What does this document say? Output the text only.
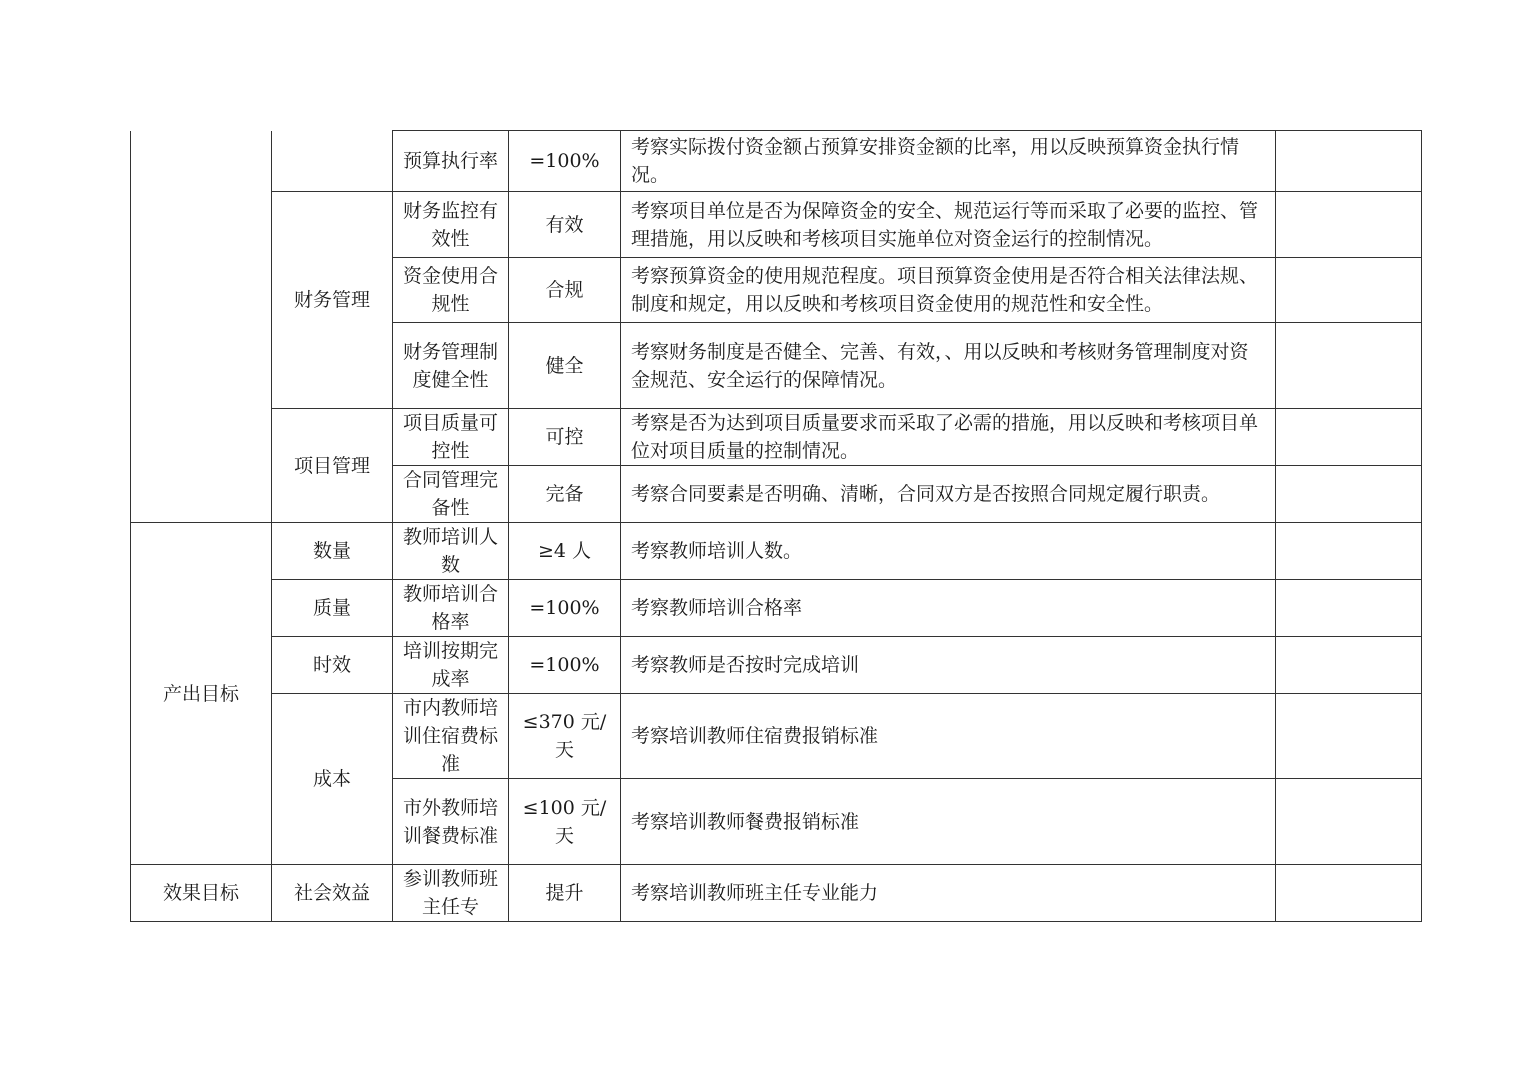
		预算执行率	=100%	考察实际拨付资金额占预算安排资金额的比率，用以反映预算资金执行情况。	
	财务管理	财务监控有效性	有效	考察项目单位是否为保障资金的安全、规范运行等而采取了必要的监控、管理措施，用以反映和考核项目实施单位对资金运行的控制情况。	
		资金使用合规性	合规	考察预算资金的使用规范程度。项目预算资金使用是否符合相关法律法规、制度和规定，用以反映和考核项目资金使用的规范性和安全性。	
		财务管理制度健全性	健全	考察财务制度是否健全、完善、有效，、用以反映和考核财务管理制度对资金规范、安全运行的保障情况。	
	项目管理	项目质量可控性	可控	考察是否为达到项目质量要求而采取了必需的措施，用以反映和考核项目单位对项目质量的控制情况。	
		合同管理完备性	完备	考察合同要素是否明确、清晰，合同双方是否按照合同规定履行职责。	
产出目标	数量	教师培训人数	≥4 人	考察教师培训人数。	
	质量	教师培训合格率	=100%	考察教师培训合格率	
	时效	培训按期完成率	=100%	考察教师是否按时完成培训	
	成本	市内教师培训住宿费标准	≤370 元/天	考察培训教师住宿费报销标准	
		市外教师培训餐费标准	≤100 元/天	考察培训教师餐费报销标准	
效果目标	社会效益	参训教师班主任专	提升	考察培训教师班主任专业能力	
